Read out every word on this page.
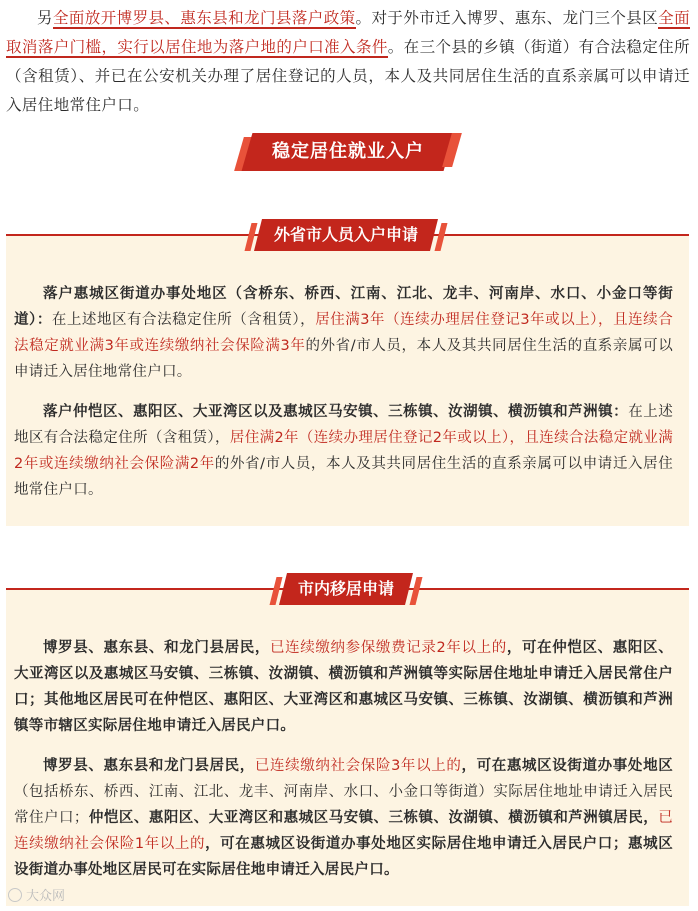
另全面放开博罗县、惠东县和龙门县落户政策。对于外市迁入博罗、惠东、龙门三个县区全面取消落户门槛，实行以居住地为落户地的户口准入条件。在三个县的乡镇（街道）有合法稳定住所（含租赁）、并已在公安机关办理了居住登记的人员，本人及共同居住生活的直系亲属可以申请迁入居住地常住户口。

稳定居住就业入户
外省市人员入户申请

落户惠城区街道办事处地区（含桥东、桥西、江南、江北、龙丰、河南岸、水口、小金口等街道）：在上述地区有合法稳定住所（含租赁），居住满3年（连续办理居住登记3年或以上），且连续合法稳定就业满3年或连续缴纳社会保险满3年的外省/市人员，本人及其共同居住生活的直系亲属可以申请迁入居住地常住户口。

落户仲恺区、惠阳区、大亚湾区以及惠城区马安镇、三栋镇、汝湖镇、横沥镇和芦洲镇：在上述地区有合法稳定住所（含租赁），居住满2年（连续办理居住登记2年或以上），且连续合法稳定就业满2年或连续缴纳社会保险满2年的外省/市人员，本人及其共同居住生活的直系亲属可以申请迁入居住地常住户口。

市内移居申请

博罗县、惠东县、和龙门县居民，已连续缴纳参保缴费记录2年以上的，可在仲恺区、惠阳区、大亚湾区以及惠城区马安镇、三栋镇、汝湖镇、横沥镇和芦洲镇等实际居住地址申请迁入居民常住户口；其他地区居民可在仲恺区、惠阳区、大亚湾区和惠城区马安镇、三栋镇、汝湖镇、横沥镇和芦洲镇等市辖区实际居住地申请迁入居民户口。

博罗县、惠东县和龙门县居民，已连续缴纳社会保险3年以上的，可在惠城区设街道办事处地区（包括桥东、桥西、江南、江北、龙丰、河南岸、水口、小金口等街道）实际居住地址申请迁入居民常住户口；仲恺区、惠阳区、大亚湾区和惠城区马安镇、三栋镇、汝湖镇、横沥镇和芦洲镇居民，已连续缴纳社会保险1年以上的，可在惠城区设街道办事处地区实际居住地申请迁入居民户口；惠城区设街道办事处地区居民可在实际居住地申请迁入居民户口。

大众网
